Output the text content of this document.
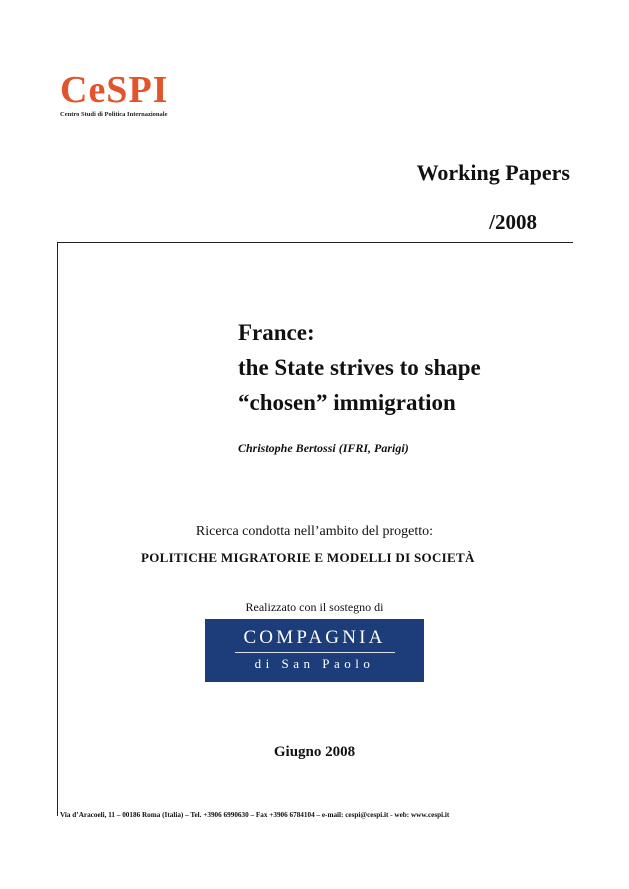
CeSPI
Centro Studi di Politica Internazionale
Working Papers
/2008
France:
the State strives to shape
“chosen” immigration
Christophe Bertossi (IFRI, Parigi)
Ricerca condotta nell’ambito del progetto:
POLITICHE MIGRATORIE E MODELLI DI SOCIETÀ
Realizzato con il sostegno di
COMPAGNIA
di San Paolo
Giugno 2008
Via d’Aracoeli, 11 – 00186 Roma (Italia) – Tel. +3906 6990630 – Fax +3906 6784104 – e-mail: cespi@cespi.it - web: www.cespi.it
